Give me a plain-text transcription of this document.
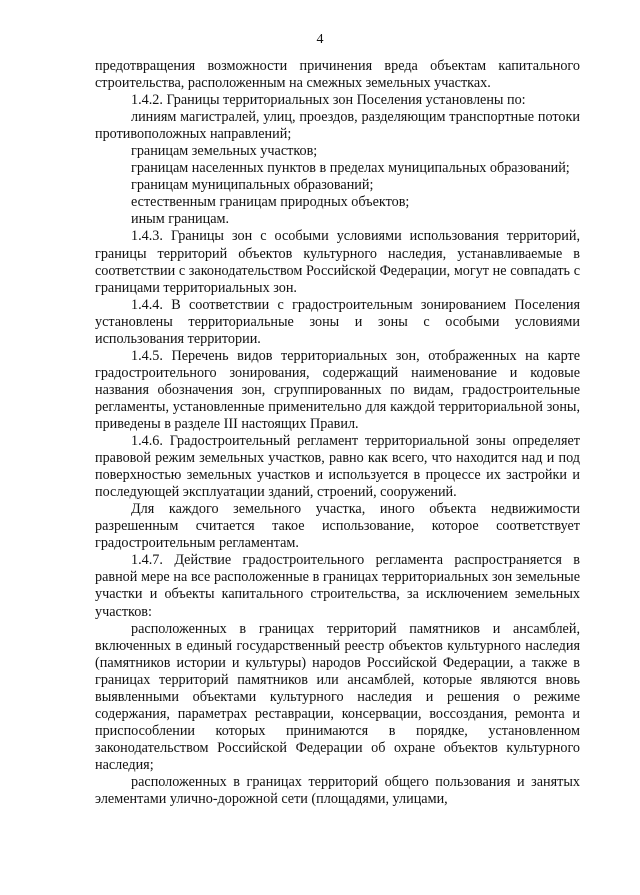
4

предотвращения возможности причинения вреда объектам капитального строительства, расположенным на смежных земельных участках.

1.4.2. Границы территориальных зон Поселения установлены по:

линиям магистралей, улиц, проездов, разделяющим транспортные потоки противоположных направлений;

границам земельных участков;

границам населенных пунктов в пределах муниципальных образований;

границам муниципальных образований;

естественным границам природных объектов;

иным границам.

1.4.3. Границы зон с особыми условиями использования территорий, границы территорий объектов культурного наследия, устанавливаемые в соответствии с законодательством Российской Федерации, могут не совпадать с границами территориальных зон.

1.4.4. В соответствии с градостроительным зонированием Поселения установлены территориальные зоны и зоны с особыми условиями использования территории.

1.4.5. Перечень видов территориальных зон, отображенных на карте градостроительного зонирования, содержащий наименование и кодовые названия обозначения зон, сгруппированных по видам, градостроительные регламенты, установленные применительно для каждой территориальной зоны, приведены в разделе III настоящих Правил.

1.4.6. Градостроительный регламент территориальной зоны определяет правовой режим земельных участков, равно как всего, что находится над и под поверхностью земельных участков и используется в процессе их застройки и последующей эксплуатации зданий, строений, сооружений.

Для каждого земельного участка, иного объекта недвижимости разрешенным считается такое использование, которое соответствует градостроительным регламентам.

1.4.7. Действие градостроительного регламента распространяется в равной мере на все расположенные в границах территориальных зон земельные участки и объекты капитального строительства, за исключением земельных участков:

расположенных в границах территорий памятников и ансамблей, включенных в единый государственный реестр объектов культурного наследия (памятников истории и культуры) народов Российской Федерации, а также в границах территорий памятников или ансамблей, которые являются вновь выявленными объектами культурного наследия и решения о режиме содержания, параметрах реставрации, консервации, воссоздания, ремонта и приспособлении которых принимаются в порядке, установленном законодательством Российской Федерации об охране объектов культурного наследия;

расположенных в границах территорий общего пользования и занятых элементами улично-дорожной сети (площадями, улицами,
